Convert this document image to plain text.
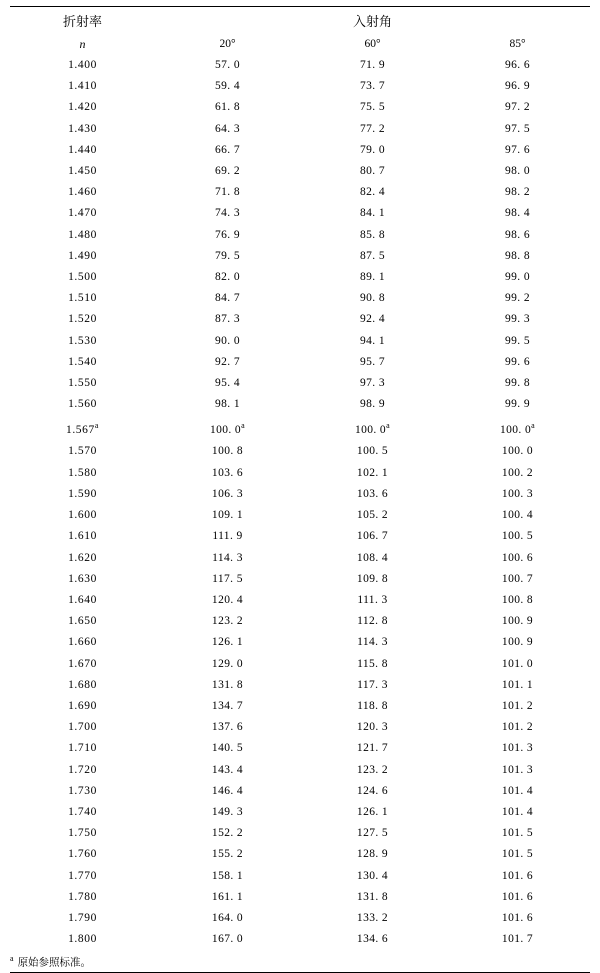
折射率	入射角		
n	20°	60°	85°
1.400	57. 0	71. 9	96. 6
1.410	59. 4	73. 7	96. 9
1.420	61. 8	75. 5	97. 2
1.430	64. 3	77. 2	97. 5
1.440	66. 7	79. 0	97. 6
1.450	69. 2	80. 7	98. 0
1.460	71. 8	82. 4	98. 2
1.470	74. 3	84. 1	98. 4
1.480	76. 9	85. 8	98. 6
1.490	79. 5	87. 5	98. 8
1.500	82. 0	89. 1	99. 0
1.510	84. 7	90. 8	99. 2
1.520	87. 3	92. 4	99. 3
1.530	90. 0	94. 1	99. 5
1.540	92. 7	95. 7	99. 6
1.550	95. 4	97. 3	99. 8
1.560	98. 1	98. 9	99. 9
1.567$^a$	100. 0$^a$	100. 0$^a$	100. 0$^a$
1.570	100. 8	100. 5	100. 0
1.580	103. 6	102. 1	100. 2
1.590	106. 3	103. 6	100. 3
1.600	109. 1	105. 2	100. 4
1.610	111. 9	106. 7	100. 5
1.620	114. 3	108. 4	100. 6
1.630	117. 5	109. 8	100. 7
1.640	120. 4	111. 3	100. 8
1.650	123. 2	112. 8	100. 9
1.660	126. 1	114. 3	100. 9
1.670	129. 0	115. 8	101. 0
1.680	131. 8	117. 3	101. 1
1.690	134. 7	118. 8	101. 2
1.700	137. 6	120. 3	101. 2
1.710	140. 5	121. 7	101. 3
1.720	143. 4	123. 2	101. 3
1.730	146. 4	124. 6	101. 4
1.740	149. 3	126. 1	101. 4
1.750	152. 2	127. 5	101. 5
1.760	155. 2	128. 9	101. 5
1.770	158. 1	130. 4	101. 6
1.780	161. 1	131. 8	101. 6
1.790	164. 0	133. 2	101. 6
1.800	167. 0	134. 6	101. 7
$^a$ 原始参照标准。			
